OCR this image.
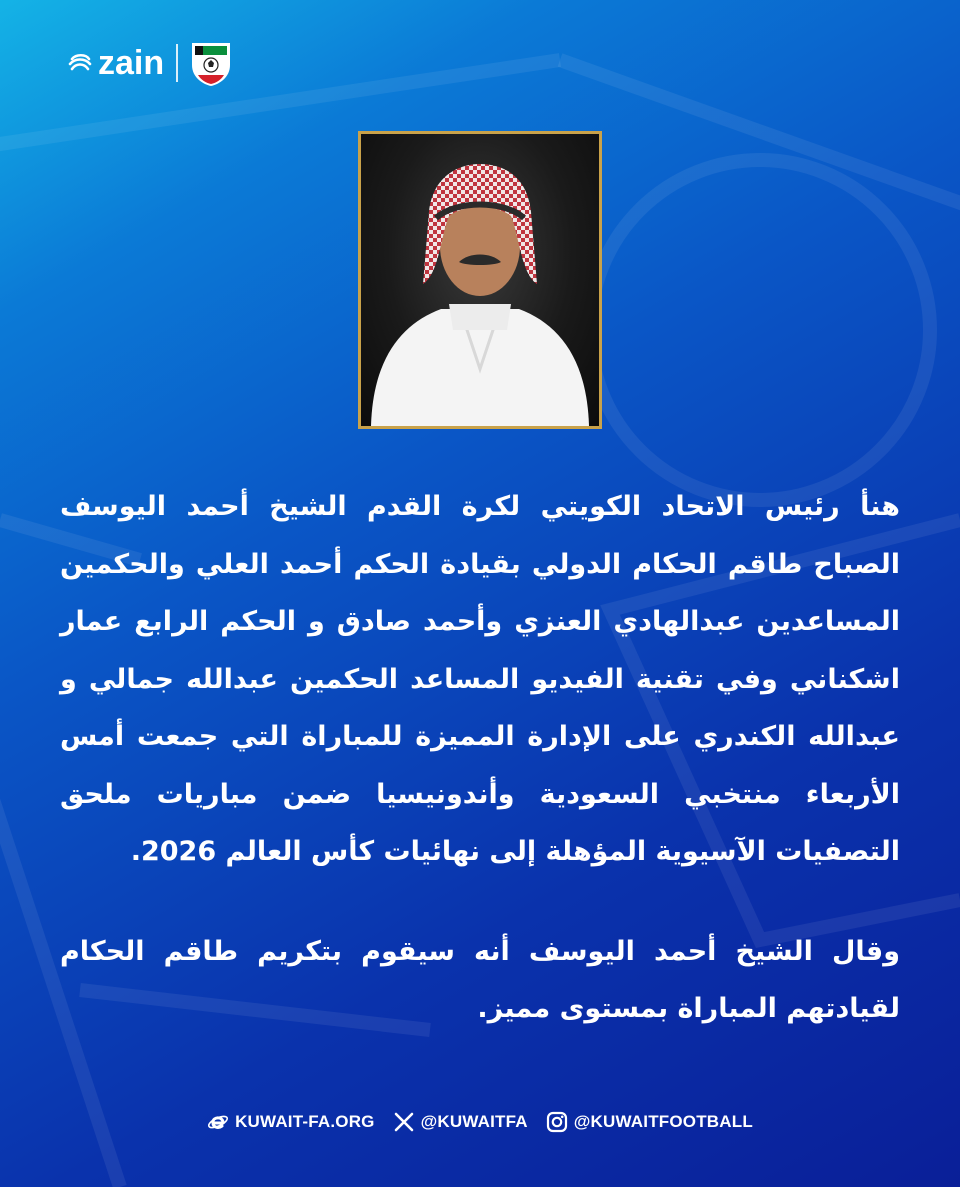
zain

هنأ رئيس الاتحاد الكويتي لكرة القدم الشيخ أحمد اليوسف الصباح طاقم الحكام الدولي بقيادة الحكم أحمد العلي والحكمين المساعدين عبدالهادي العنزي وأحمد صادق و الحكم الرابع عمار اشكناني وفي تقنية الفيديو المساعد الحكمين عبدالله جمالي و عبدالله الكندري على الإدارة المميزة للمباراة التي جمعت أمس الأربعاء منتخبي السعودية وأندونيسيا ضمن مباريات ملحق التصفيات الآسيوية المؤهلة إلى نهائيات كأس العالم 2026.

وقال الشيخ أحمد اليوسف أنه سيقوم بتكريم طاقم الحكام لقيادتهم المباراة بمستوى مميز.

KUWAIT-FA.ORG	@KUWAITFA	@KUWAITFOOTBALL
